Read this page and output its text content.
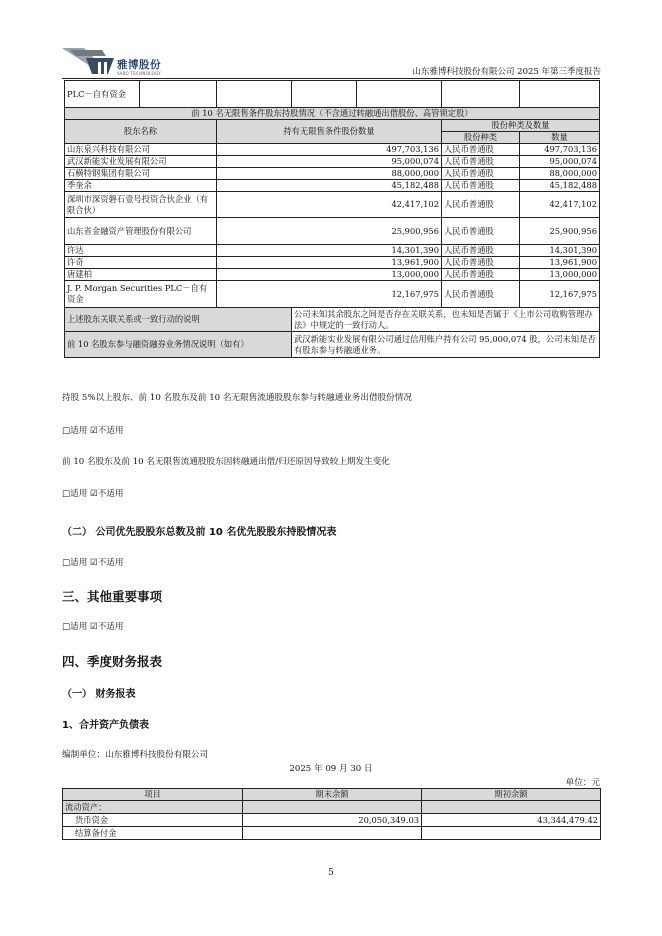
雅博股份
YABO TECHNOLOGY	山东雅博科技股份有限公司 2025 年第三季度报告
PLC－自有资金						
前 10 名无限售条件股东持股情况（不含通过转融通出借股份、高管锁定股）						
股东名称		持有无限售条件股份数量			股份种类及数量	
					股份种类	数量
山东泉兴科技有限公司		497,703,136			人民币普通股	497,703,136
武汉新能实业发展有限公司		95,000,074			人民币普通股	95,000,074
石横特钢集团有限公司		88,000,000			人民币普通股	88,000,000
季奎余		45,182,488			人民币普通股	45,182,488
深圳市深资磐石壹号投资合伙企业（有限合伙）		42,417,102			人民币普通股	42,417,102
山东省金融资产管理股份有限公司		25,900,956			人民币普通股	25,900,956
许达		14,301,390			人民币普通股	14,301,390
许奇		13,961,900			人民币普通股	13,961,900
唐建柏		13,000,000			人民币普通股	13,000,000
J. P. Morgan Securities PLC－自有资金		12,167,975			人民币普通股	12,167,975
上述股东关联关系或一致行动的说明			公司未知其余股东之间是否存在关联关系，也未知是否属于《上市公司收购管理办法》中规定的一致行动人。			
前 10 名股东参与融资融券业务情况说明（如有）			武汉新能实业发展有限公司通过信用账户持有公司 95,000,074 股，公司未知是否有股东参与转融通业务。			
持股 5%以上股东、前 10 名股东及前 10 名无限售流通股股东参与转融通业务出借股份情况
□适用 ☑不适用
前 10 名股东及前 10 名无限售流通股股东因转融通出借/归还原因导致较上期发生变化
□适用 ☑不适用
（二） 公司优先股股东总数及前 10 名优先股股东持股情况表
□适用 ☑不适用
三、其他重要事项
□适用 ☑不适用
四、季度财务报表
（一） 财务报表
1、合并资产负债表
编制单位：山东雅博科技股份有限公司
2025 年 09 月 30 日
单位：元
项目	期末余额	期初余额
流动资产：		
货币资金	20,050,349.03	43,344,479.42
结算备付金		
5
